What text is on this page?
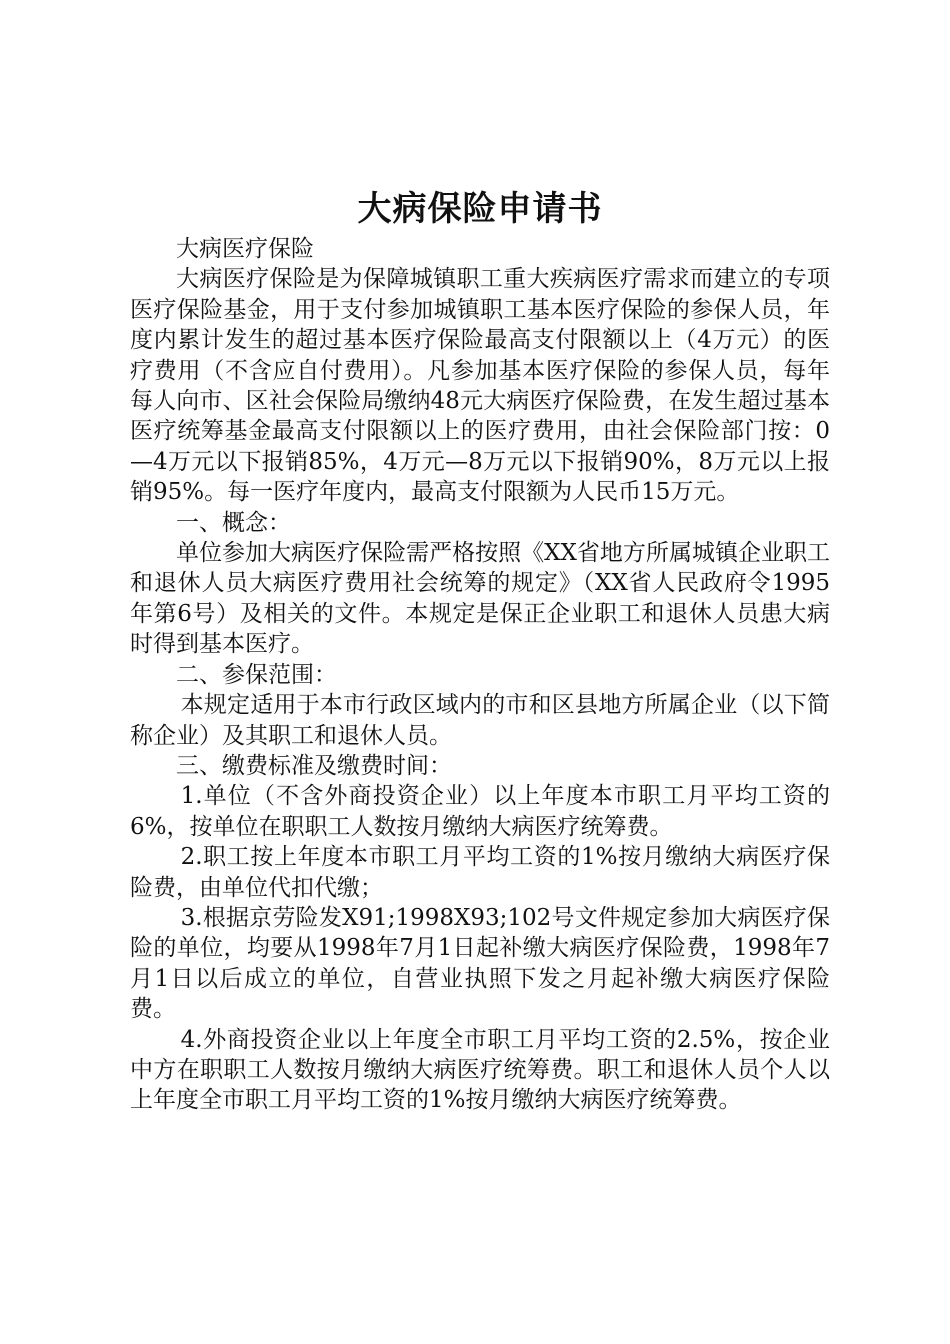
大病保险申请书

大病医疗保险

大病医疗保险是为保障城镇职工重大疾病医疗需求而建立的专项医疗保险基金，用于支付参加城镇职工基本医疗保险的参保人员，年度内累计发生的超过基本医疗保险最高支付限额以上（4万元）的医疗费用（不含应自付费用）。凡参加基本医疗保险的参保人员，每年每人向市、区社会保险局缴纳48元大病医疗保险费，在发生超过基本医疗统筹基金最高支付限额以上的医疗费用，由社会保险部门按：0—4万元以下报销85%，4万元—8万元以下报销90%，8万元以上报销95%。每一医疗年度内，最高支付限额为人民币15万元。

一、概念：

单位参加大病医疗保险需严格按照《XX省地方所属城镇企业职工和退休人员大病医疗费用社会统筹的规定》（XX省人民政府令1995年第6号）及相关的文件。本规定是保正企业职工和退休人员患大病时得到基本医疗。

二、参保范围：

本规定适用于本市行政区域内的市和区县地方所属企业（以下简称企业）及其职工和退休人员。

三、缴费标准及缴费时间：

1.单位（不含外商投资企业）以上年度本市职工月平均工资的6%，按单位在职职工人数按月缴纳大病医疗统筹费。

2.职工按上年度本市职工月平均工资的1%按月缴纳大病医疗保险费，由单位代扣代缴；

3.根据京劳险发X91;1998X93;102号文件规定参加大病医疗保险的单位，均要从1998年7月1日起补缴大病医疗保险费，1998年7月1日以后成立的单位，自营业执照下发之月起补缴大病医疗保险费。

4.外商投资企业以上年度全市职工月平均工资的2.5%，按企业中方在职职工人数按月缴纳大病医疗统筹费。职工和退休人员个人以上年度全市职工月平均工资的1%按月缴纳大病医疗统筹费。
